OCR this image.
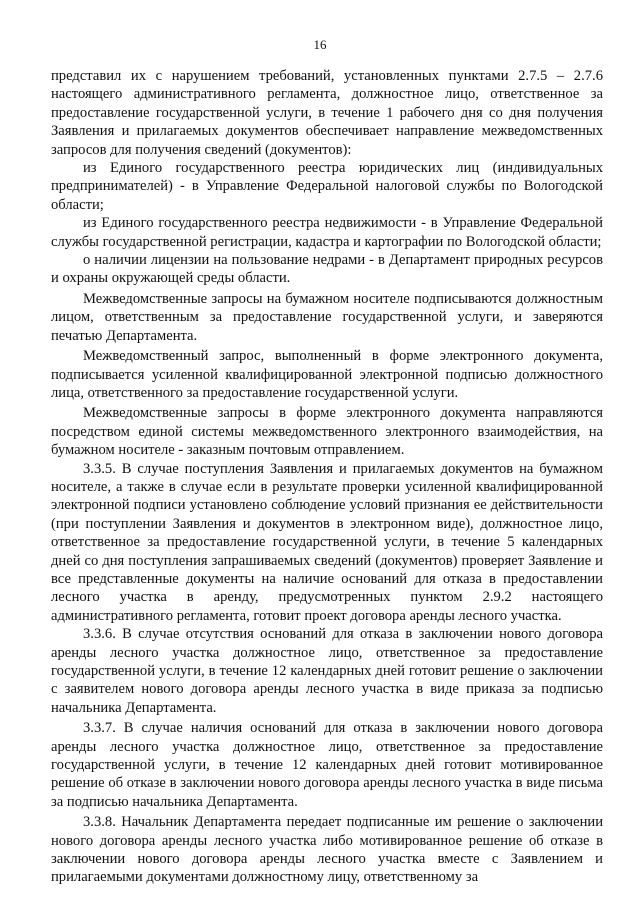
16

представил их с нарушением требований, установленных пунктами 2.7.5 – 2.7.6 настоящего административного регламента, должностное лицо, ответственное за предоставление государственной услуги, в течение 1 рабочего дня со дня получения Заявления и прилагаемых документов обеспечивает направление межведомственных запросов для получения сведений (документов):

из Единого государственного реестра юридических лиц (индивидуальных предпринимателей) - в Управление Федеральной налоговой службы по Вологодской области;

из Единого государственного реестра недвижимости - в Управление Федеральной службы государственной регистрации, кадастра и картографии по Вологодской области;

о наличии лицензии на пользование недрами - в Департамент природных ресурсов и охраны окружающей среды области.

Межведомственные запросы на бумажном носителе подписываются должностным лицом, ответственным за предоставление государственной услуги, и заверяются печатью Департамента.

Межведомственный запрос, выполненный в форме электронного документа, подписывается усиленной квалифицированной электронной подписью должностного лица, ответственного за предоставление государственной услуги.

Межведомственные запросы в форме электронного документа направляются посредством единой системы межведомственного электронного взаимодействия, на бумажном носителе - заказным почтовым отправлением.

3.3.5. В случае поступления Заявления и прилагаемых документов на бумажном носителе, а также в случае если в результате проверки усиленной квалифицированной электронной подписи установлено соблюдение условий признания ее действительности (при поступлении Заявления и документов в электронном виде), должностное лицо, ответственное за предоставление государственной услуги, в течение 5 календарных дней со дня поступления запрашиваемых сведений (документов) проверяет Заявление и все представленные документы на наличие оснований для отказа в предоставлении лесного участка в аренду, предусмотренных пунктом 2.9.2 настоящего административного регламента, готовит проект договора аренды лесного участка.

3.3.6. В случае отсутствия оснований для отказа в заключении нового договора аренды лесного участка должностное лицо, ответственное за предоставление государственной услуги, в течение 12 календарных дней готовит решение о заключении с заявителем нового договора аренды лесного участка в виде приказа за подписью начальника Департамента.

3.3.7. В случае наличия оснований для отказа в заключении нового договора аренды лесного участка должностное лицо, ответственное за предоставление государственной услуги, в течение 12 календарных дней готовит мотивированное решение об отказе в заключении нового договора аренды лесного участка в виде письма за подписью начальника Департамента.

3.3.8. Начальник Департамента передает подписанные им решение о заключении нового договора аренды лесного участка либо мотивированное решение об отказе в заключении нового договора аренды лесного участка вместе с Заявлением и прилагаемыми документами должностному лицу, ответственному за
